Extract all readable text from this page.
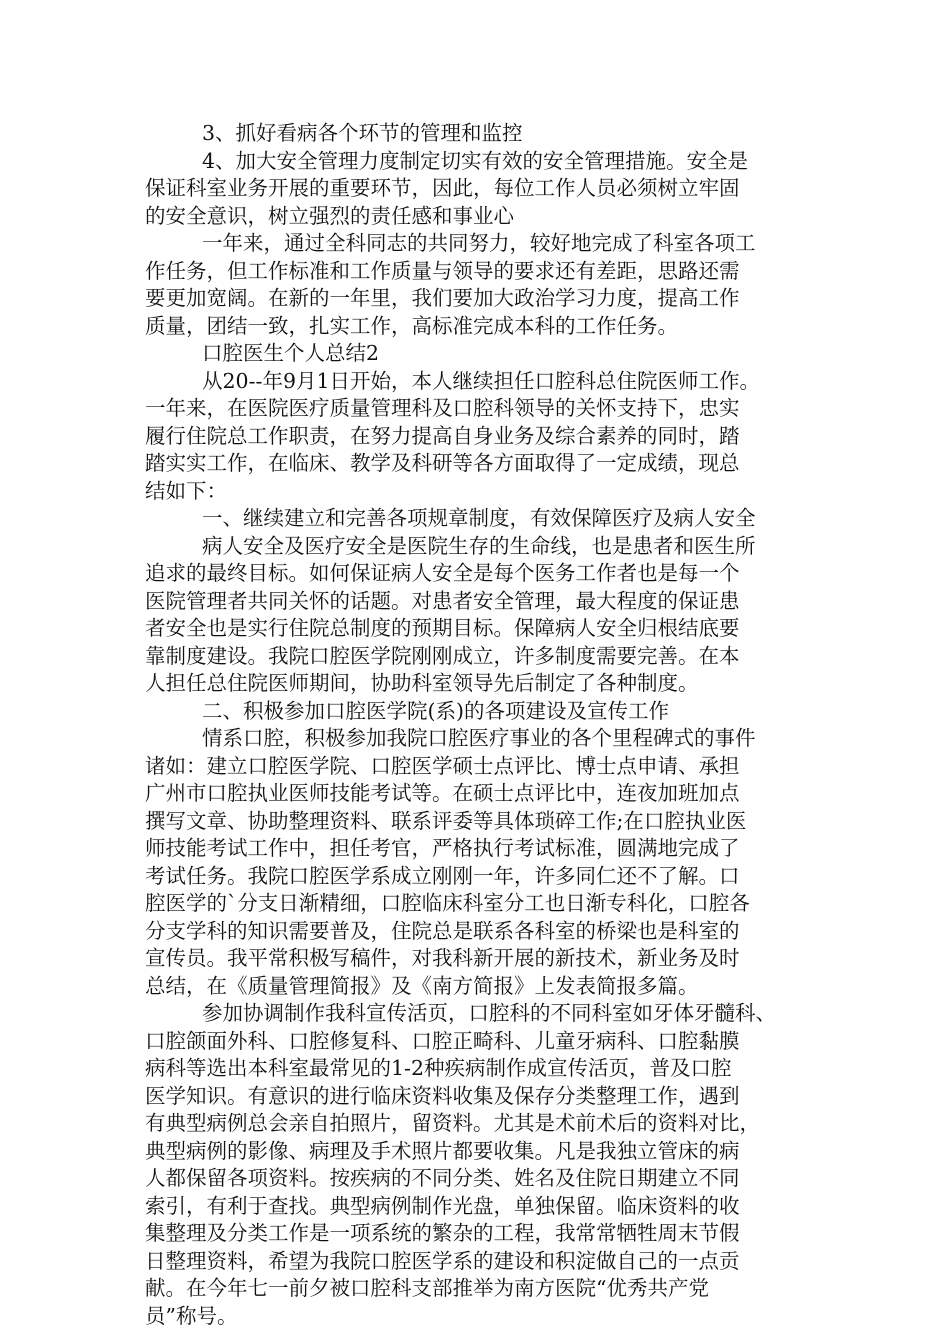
3、抓好看病各个环节的管理和监控
4、加大安全管理力度制定切实有效的安全管理措施。安全是
保证科室业务开展的重要环节，因此，每位工作人员必须树立牢固
的安全意识，树立强烈的责任感和事业心
一年来，通过全科同志的共同努力，较好地完成了科室各项工
作任务，但工作标准和工作质量与领导的要求还有差距，思路还需
要更加宽阔。在新的一年里，我们要加大政治学习力度，提高工作
质量，团结一致，扎实工作，高标准完成本科的工作任务。
口腔医生个人总结2
从20--年9月1日开始，本人继续担任口腔科总住院医师工作。
一年来，在医院医疗质量管理科及口腔科领导的关怀支持下，忠实
履行住院总工作职责，在努力提高自身业务及综合素养的同时，踏
踏实实工作，在临床、教学及科研等各方面取得了一定成绩，现总
结如下：
一、继续建立和完善各项规章制度，有效保障医疗及病人安全
病人安全及医疗安全是医院生存的生命线，也是患者和医生所
追求的最终目标。如何保证病人安全是每个医务工作者也是每一个
医院管理者共同关怀的话题。对患者安全管理，最大程度的保证患
者安全也是实行住院总制度的预期目标。保障病人安全归根结底要
靠制度建设。我院口腔医学院刚刚成立，许多制度需要完善。在本
人担任总住院医师期间，协助科室领导先后制定了各种制度。
二、积极参加口腔医学院(系)的各项建设及宣传工作
情系口腔，积极参加我院口腔医疗事业的各个里程碑式的事件
诸如：建立口腔医学院、口腔医学硕士点评比、博士点申请、承担
广州市口腔执业医师技能考试等。在硕士点评比中，连夜加班加点
撰写文章、协助整理资料、联系评委等具体琐碎工作;在口腔执业医
师技能考试工作中，担任考官，严格执行考试标准，圆满地完成了
考试任务。我院口腔医学系成立刚刚一年，许多同仁还不了解。口
腔医学的`分支日渐精细，口腔临床科室分工也日渐专科化，口腔各
分支学科的知识需要普及，住院总是联系各科室的桥梁也是科室的
宣传员。我平常积极写稿件，对我科新开展的新技术，新业务及时
总结，在《质量管理简报》及《南方简报》上发表简报多篇。
参加协调制作我科宣传活页，口腔科的不同科室如牙体牙髓科、
口腔颌面外科、口腔修复科、口腔正畸科、儿童牙病科、口腔黏膜
病科等选出本科室最常见的1-2种疾病制作成宣传活页，普及口腔
医学知识。有意识的进行临床资料收集及保存分类整理工作，遇到
有典型病例总会亲自拍照片，留资料。尤其是术前术后的资料对比，
典型病例的影像、病理及手术照片都要收集。凡是我独立管床的病
人都保留各项资料。按疾病的不同分类、姓名及住院日期建立不同
索引，有利于查找。典型病例制作光盘，单独保留。临床资料的收
集整理及分类工作是一项系统的繁杂的工程，我常常牺牲周末节假
日整理资料，希望为我院口腔医学系的建设和积淀做自己的一点贡
献。在今年七一前夕被口腔科支部推举为南方医院“优秀共产党
员”称号。
